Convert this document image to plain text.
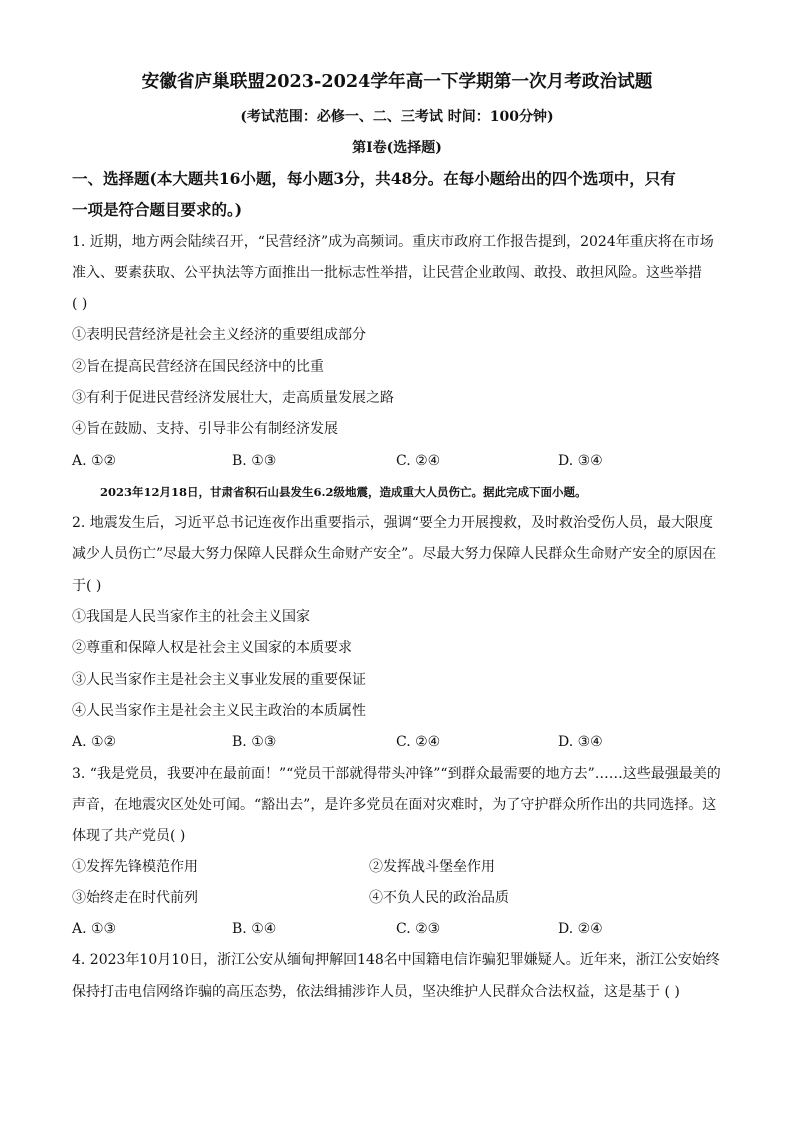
安徽省庐巢联盟2023-2024学年高一下学期第一次月考政治试题
(考试范围：必修一、二、三考试 时间：100分钟)
第Ⅰ卷(选择题)
一、选择题(本大题共16小题，每小题3分，共48分。在每小题给出的四个选项中，只有
一项是符合题目要求的。)
1. 近期，地方两会陆续召开，“民营经济”成为高频词。重庆市政府工作报告提到，2024年重庆将在市场
准入、要素获取、公平执法等方面推出一批标志性举措，让民营企业敢闯、敢投、敢担风险。这些举措
( )
①表明民营经济是社会主义经济的重要组成部分
②旨在提高民营经济在国民经济中的比重
③有利于促进民营经济发展壮大，走高质量发展之路
④旨在鼓励、支持、引导非公有制经济发展
A. ①②	B. ①③	C. ②④	D. ③④
2023年12月18日，甘肃省积石山县发生6.2级地震，造成重大人员伤亡。据此完成下面小题。
2. 地震发生后，习近平总书记连夜作出重要指示，强调“要全力开展搜救，及时救治受伤人员，最大限度
减少人员伤亡”尽最大努力保障人民群众生命财产安全”。尽最大努力保障人民群众生命财产安全的原因在
于( )
①我国是人民当家作主的社会主义国家
②尊重和保障人权是社会主义国家的本质要求
③人民当家作主是社会主义事业发展的重要保证
④人民当家作主是社会主义民主政治的本质属性
A. ①②	B. ①③	C. ②④	D. ③④
3. “我是党员，我要冲在最前面！”“党员干部就得带头冲锋”“到群众最需要的地方去”……这些最强最美的
声音，在地震灾区处处可闻。“豁出去”，是许多党员在面对灾难时，为了守护群众所作出的共同选择。这
体现了共产党员( )
①发挥先锋模范作用	②发挥战斗堡垒作用
③始终走在时代前列	④不负人民的政治品质
A. ①③	B. ①④	C. ②③	D. ②④
4. 2023年10月10日，浙江公安从缅甸押解回148名中国籍电信诈骗犯罪嫌疑人。近年来，浙江公安始终
保持打击电信网络诈骗的高压态势，依法缉捕涉诈人员，坚决维护人民群众合法权益，这是基于 ( )
